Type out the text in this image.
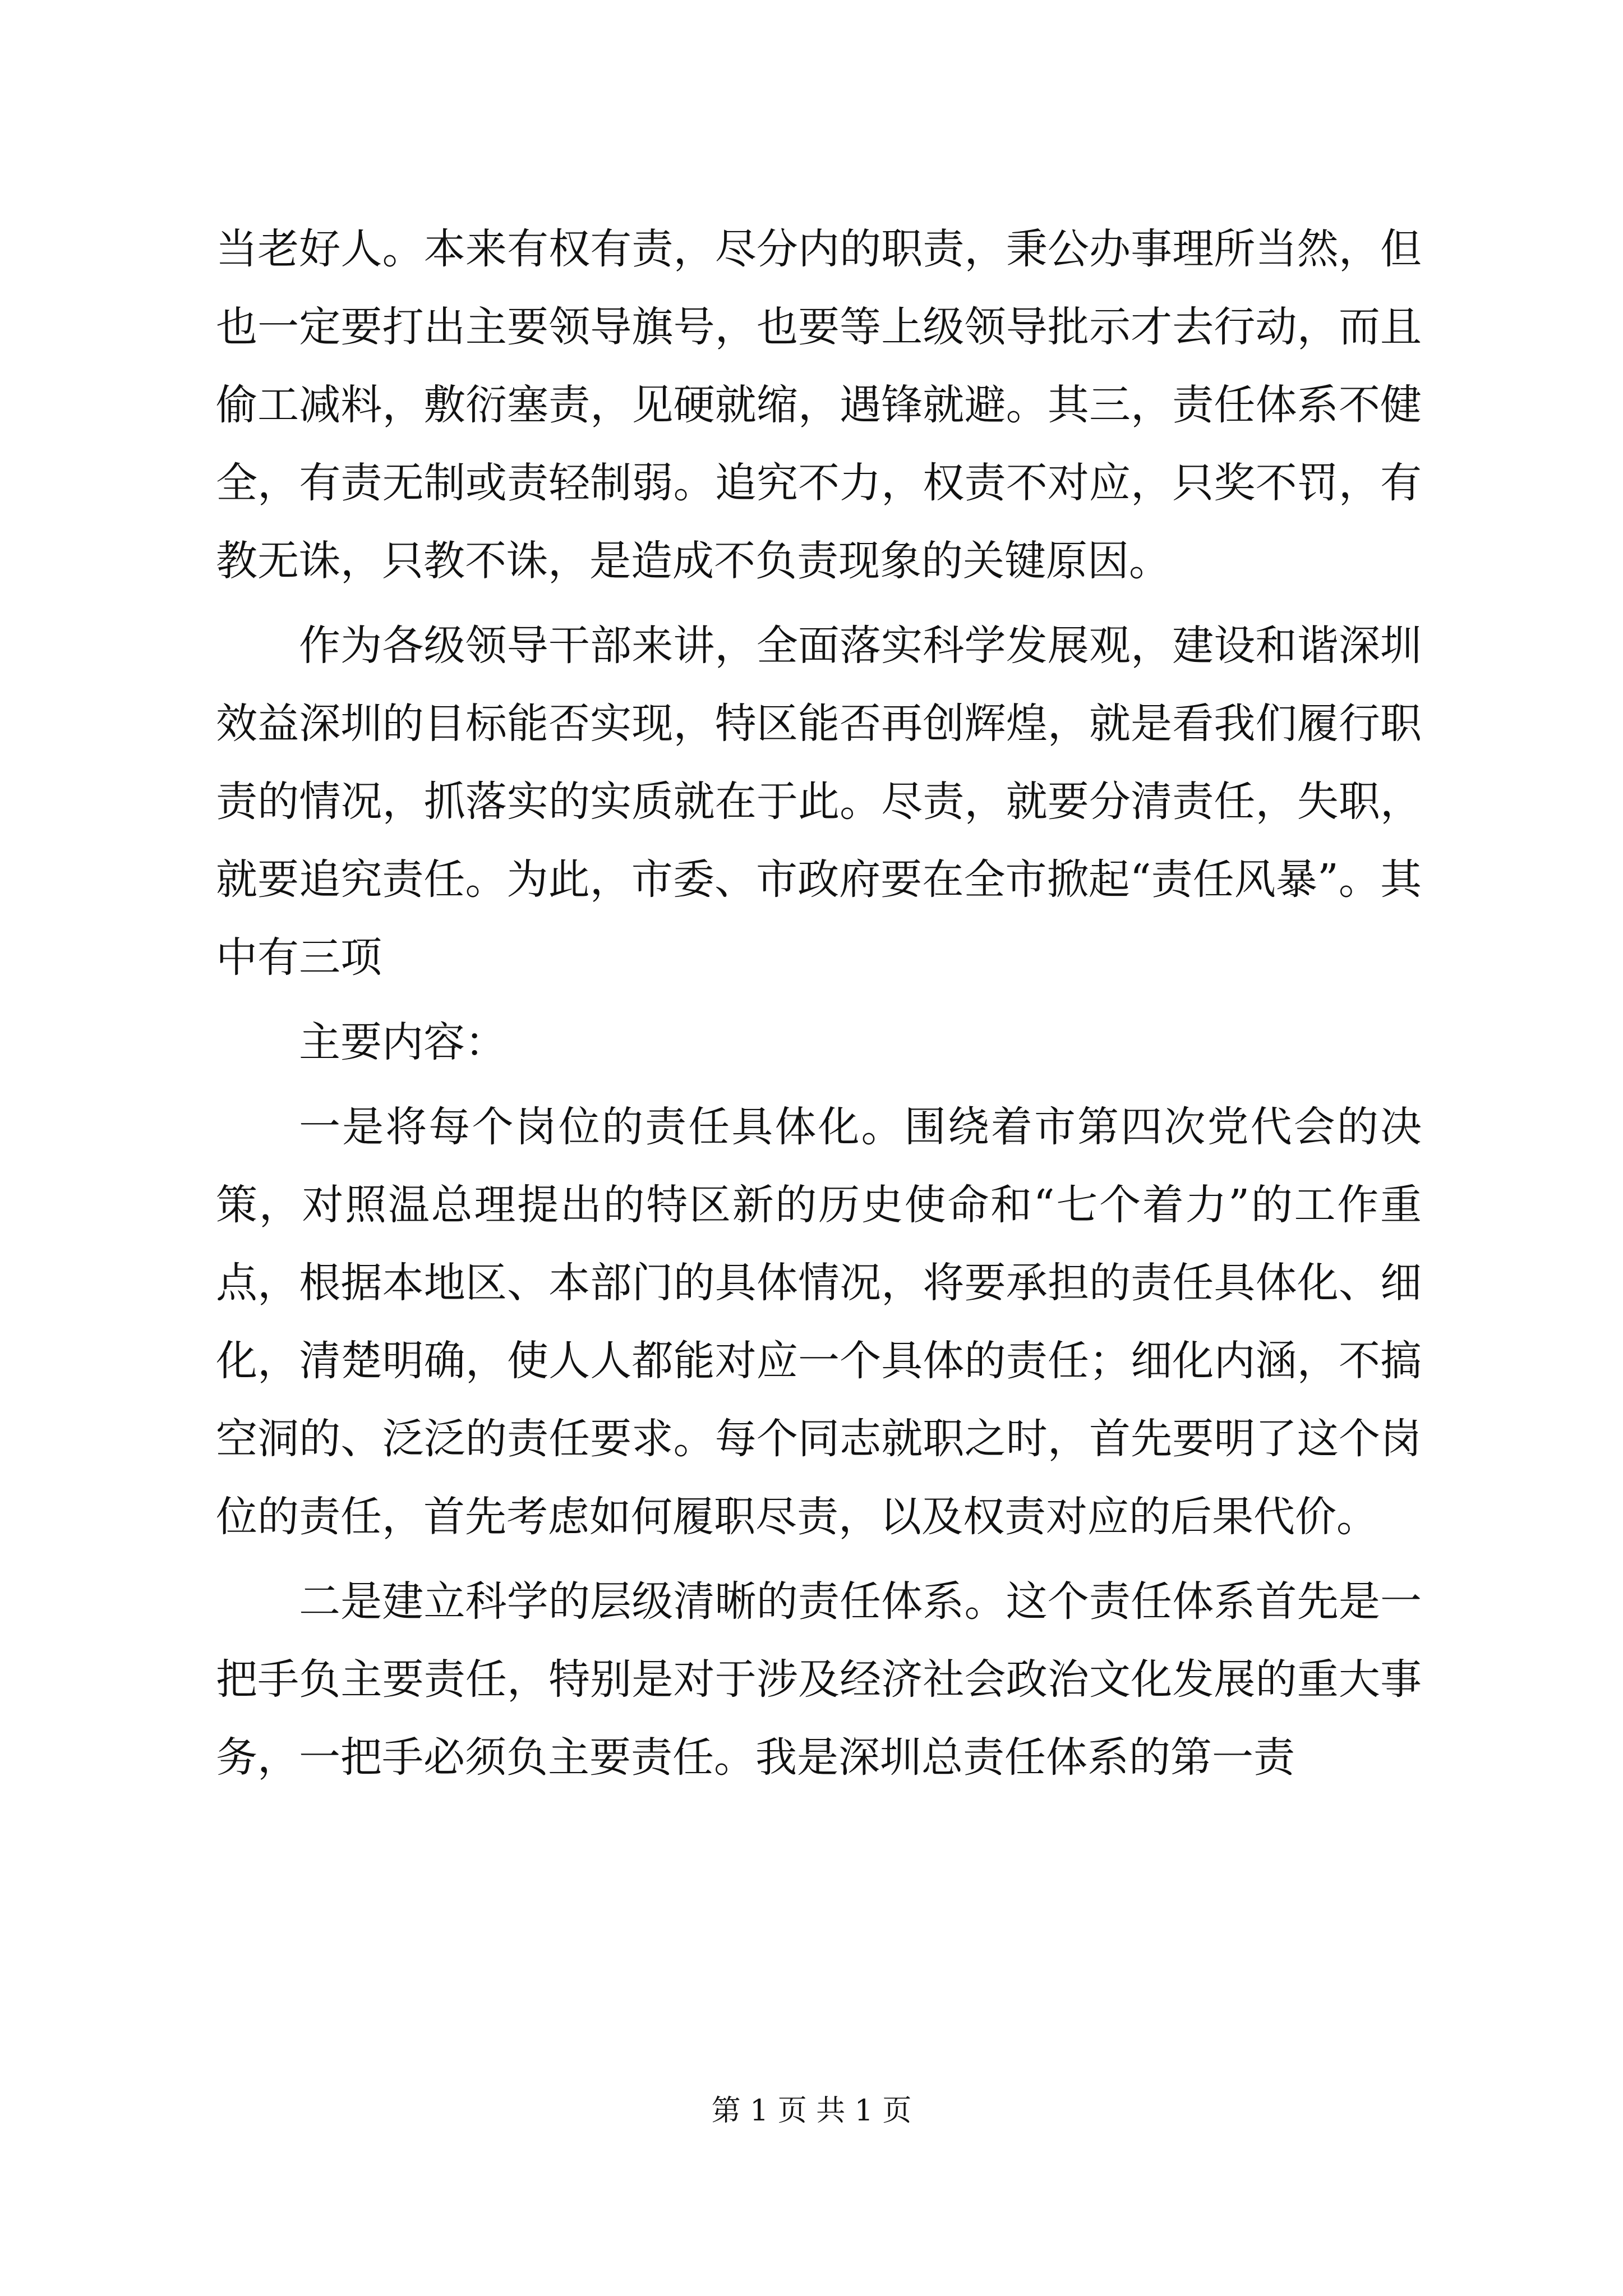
当老好人。本来有权有责，尽分内的职责，秉公办事理所当然，但也一定要打出主要领导旗号，也要等上级领导批示才去行动，而且偷工减料，敷衍塞责，见硬就缩，遇锋就避。其三，责任体系不健全，有责无制或责轻制弱。追究不力，权责不对应，只奖不罚，有教无诛，只教不诛，是造成不负责现象的关键原因。

作为各级领导干部来讲，全面落实科学发展观，建设和谐深圳效益深圳的目标能否实现，特区能否再创辉煌，就是看我们履行职责的情况，抓落实的实质就在于此。尽责，就要分清责任，失职，就要追究责任。为此，市委、市政府要在全市掀起“责任风暴”。其中有三项

主要内容：

一是将每个岗位的责任具体化。围绕着市第四次党代会的决策，对照温总理提出的特区新的历史使命和“七个着力”的工作重点，根据本地区、本部门的具体情况，将要承担的责任具体化、细化，清楚明确，使人人都能对应一个具体的责任；细化内涵，不搞空洞的、泛泛的责任要求。每个同志就职之时，首先要明了这个岗位的责任，首先考虑如何履职尽责，以及权责对应的后果代价。

二是建立科学的层级清晰的责任体系。这个责任体系首先是一把手负主要责任，特别是对于涉及经济社会政治文化发展的重大事务，一把手必须负主要责任。我是深圳总责任体系的第一责

第 1 页 共 1 页
